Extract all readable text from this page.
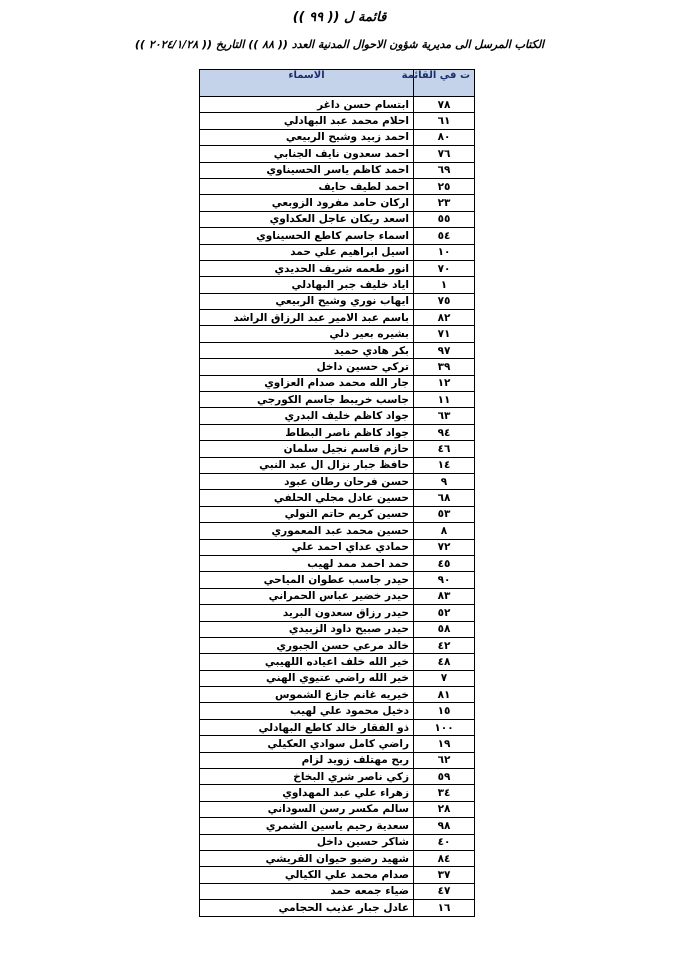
قائمة ل (( ٩٩ ))
الكتاب المرسل الى مديرية شؤون الاحوال المدنية العدد (( ٨٨ )) التاريخ (( ٢٠٢٤/١/٢٨ ))
ت في القائمة	الاسماء
٧٨	ابتسام حسن داغر
٦١	احلام محمد عبد البهادلي
٨٠	احمد زبيد وشيح الربيعي
٧٦	احمد سعدون نايف الجنابي
٦٩	احمد كاظم ياسر الحسيناوي
٢٥	احمد لطيف حايف
٢٣	اركان حامد مفرود الزوبعي
٥٥	اسعد ريكان عاجل العكداوي
٥٤	اسماء جاسم كاطع الحسيناوي
١٠	اسيل ابراهيم علي حمد
٧٠	انور طعمه شريف الحديدي
١	اياد خليف جبر البهادلي
٧٥	ايهاب نوري وشيح الربيعي
٨٢	باسم عبد الامير عبد الرزاق الراشد
٧١	بشيره بعير دلي
٩٧	بكر هادي حميد
٣٩	تركي حسين داخل
١٢	جار الله محمد صدام العزاوي
١١	جاسب خريبط جاسم الكورجي
٦٣	جواد كاظم خليف البدري
٩٤	جواد كاظم ناصر البطاط
٤٦	حازم قاسم نجيل سلمان
١٤	حافظ جبار نزال ال عبد النبي
٩	حسن فرحان رطان عبود
٦٨	حسين عادل مجلي الحلفي
٥٣	حسين كريم حاتم التولي
٨	حسين محمد عبد المعموري
٧٢	حمادي عداي احمد علي
٤٥	حمد احمد ممد لهيب
٩٠	حيدر جاسب عطوان المياحي
٨٣	حيدر خضير عباس الحمراني
٥٢	حيدر رزاق سعدون البريد
٥٨	حيدر صبيح داود الزبيدي
٤٢	خالد مرعي حسن الجبوري
٤٨	خير الله خلف اعياده اللهيبي
٧	خير الله راضي عتيوي الهني
٨١	خيريه غانم جازع الشموس
١٥	دخيل محمود علي لهيب
١٠٠	ذو الفقار خالد كاطع البهادلي
١٩	راضي كامل سوادي العكيلي
٦٢	ربح مهتلف زويد لزام
٥٩	زكي ناصر شري البخاخ
٣٤	زهراء علي عبد المهداوي
٢٨	سالم مكسر رسن السوداني
٩٨	سعدية رحيم ياسين الشمري
٤٠	شاكر حسين داخل
٨٤	شهيد رضيو حيوان القريشي
٣٧	صدام محمد علي الكيالي
٤٧	ضياء جمعه حمد
١٦	عادل جبار عذيب الحجامي
